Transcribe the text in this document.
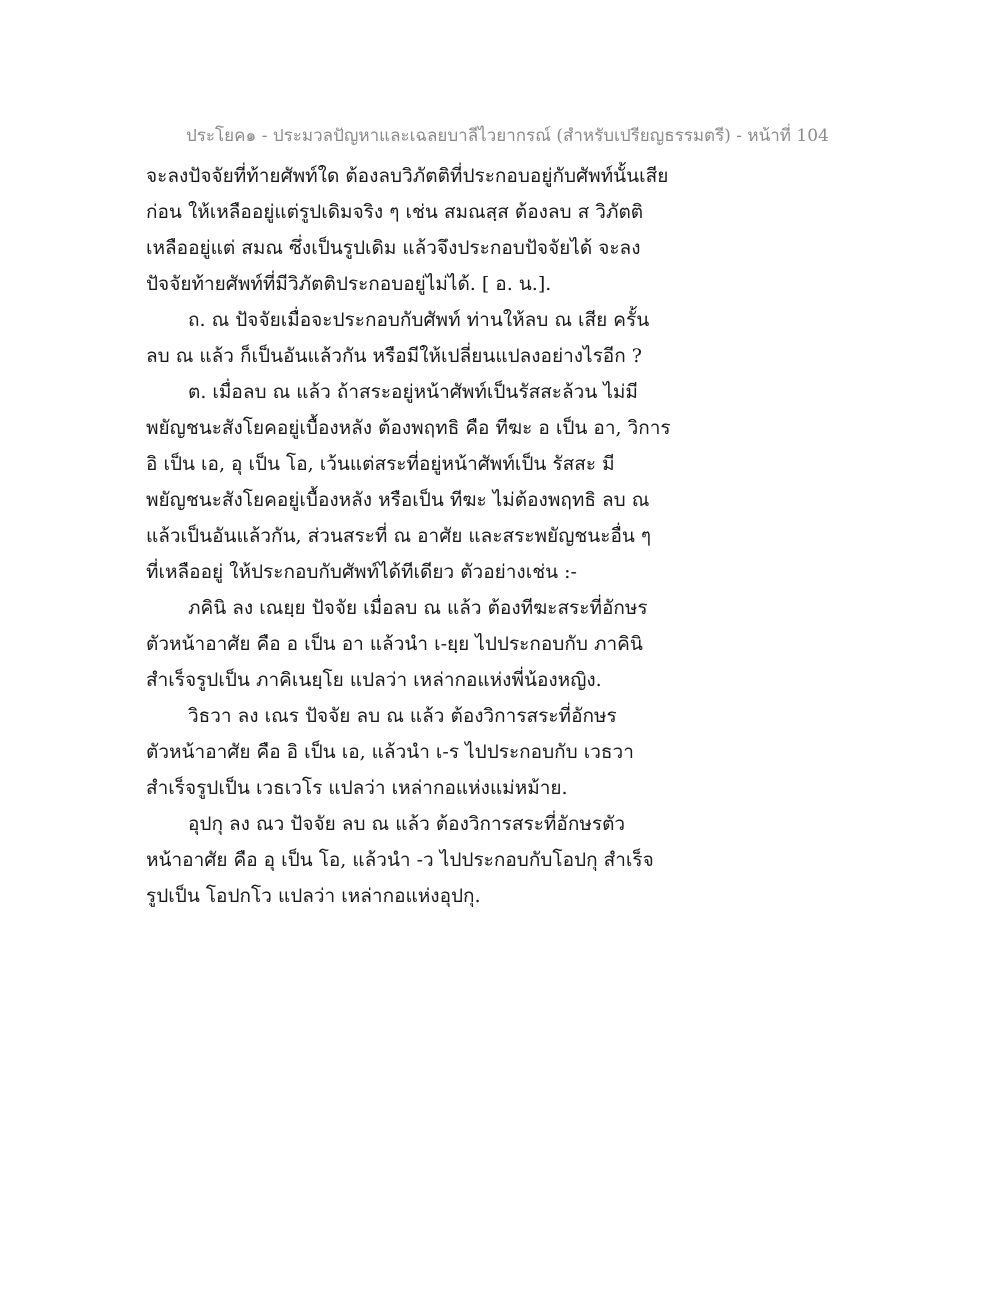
ประโยค๑ - ประมวลปัญหาและเฉลยบาลีไวยากรณ์ (สำหรับเปรียญธรรมตรี) - หน้าที่ 104
จะลงปัจจัยที่ท้ายศัพท์ใด ต้องลบวิภัตติที่ประกอบอยู่กับศัพท์นั้นเสีย
ก่อน ให้เหลืออยู่แต่รูปเดิมจริง ๆ เช่น สมณสฺส ต้องลบ ส วิภัตติ
เหลืออยู่แต่ สมณ ซึ่งเป็นรูปเดิม แล้วจึงประกอบปัจจัยได้ จะลง
ปัจจัยท้ายศัพท์ที่มีวิภัตติประกอบอยู่ไม่ได้. [ อ. น.].
ถ. ณ ปัจจัยเมื่อจะประกอบกับศัพท์ ท่านให้ลบ ณ เสีย ครั้น
ลบ ณ แล้ว ก็เป็นอันแล้วกัน หรือมีให้เปลี่ยนแปลงอย่างไรอีก ?
ต. เมื่อลบ ณ แล้ว ถ้าสระอยู่หน้าศัพท์เป็นรัสสะล้วน ไม่มี
พยัญชนะสังโยคอยู่เบื้องหลัง ต้องพฤทธิ คือ ทีฆะ อ เป็น อา, วิการ
อิ เป็น เอ, อุ เป็น โอ, เว้นแต่สระที่อยู่หน้าศัพท์เป็น รัสสะ มี
พยัญชนะสังโยคอยู่เบื้องหลัง หรือเป็น ทีฆะ ไม่ต้องพฤทธิ ลบ ณ
แล้วเป็นอันแล้วกัน, ส่วนสระที่ ณ อาศัย และสระพยัญชนะอื่น ๆ
ที่เหลืออยู่ ให้ประกอบกับศัพท์ได้ทีเดียว ตัวอย่างเช่น :-
ภคินิ ลง เณยฺย ปัจจัย เมื่อลบ ณ แล้ว ต้องทีฆะสระที่อักษร
ตัวหน้าอาศัย คือ อ เป็น อา แล้วนำ เ-ยฺย ไปประกอบกับ ภาคินิ
สำเร็จรูปเป็น ภาคิเนยฺโย แปลว่า เหล่ากอแห่งพี่น้องหญิง.
วิธวา ลง เณร ปัจจัย ลบ ณ แล้ว ต้องวิการสระที่อักษร
ตัวหน้าอาศัย คือ อิ เป็น เอ, แล้วนำ เ-ร ไปประกอบกับ เวธวา
สำเร็จรูปเป็น เวธเวโร แปลว่า เหล่ากอแห่งแม่หม้าย.
อุปกุ ลง ณว ปัจจัย ลบ ณ แล้ว ต้องวิการสระที่อักษรตัว
หน้าอาศัย คือ อุ เป็น โอ, แล้วนำ -ว ไปประกอบกับโอปกุ สำเร็จ
รูปเป็น โอปกโว แปลว่า เหล่ากอแห่งอุปกุ.
